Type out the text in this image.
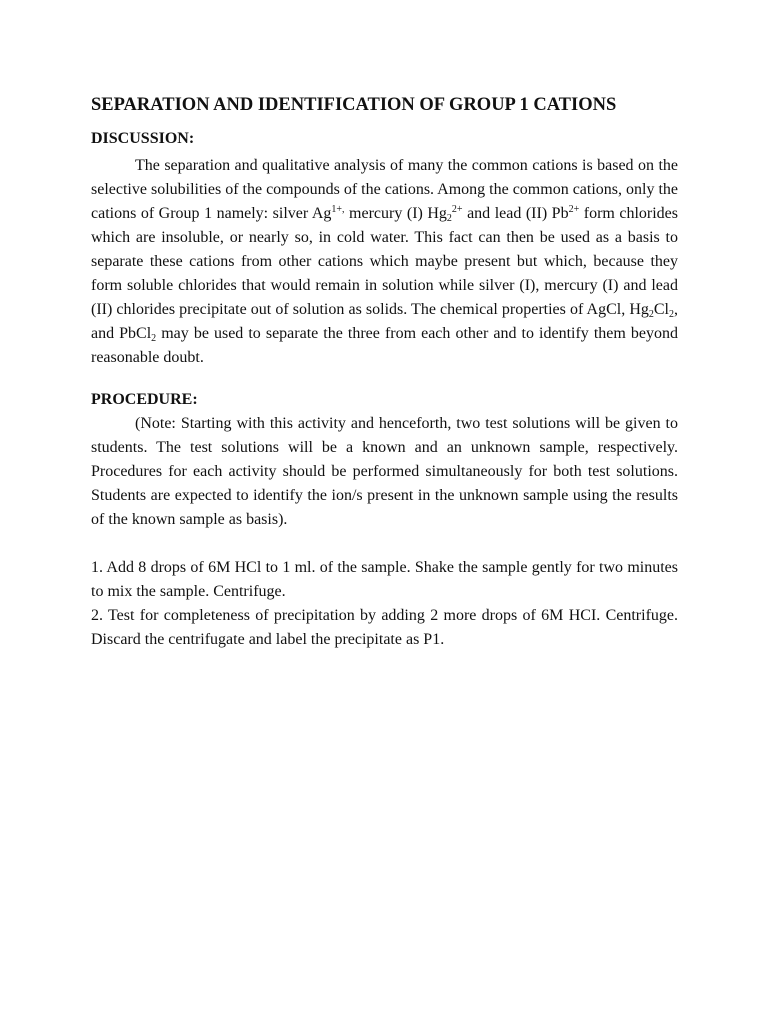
SEPARATION AND IDENTIFICATION OF GROUP 1 CATIONS
DISCUSSION:

The separation and qualitative analysis of many the common cations is based on the selective solubilities of the compounds of the cations. Among the common cations, only the cations of Group 1 namely: silver $Ag^{1+,}$ mercury (I) $Hg_2^{2+}$ and lead (II) $Pb^{2+}$ form chlorides which are insoluble, or nearly so, in cold water. This fact can then be used as a basis to separate these cations from other cations which maybe present but which, because they form soluble chlorides that would remain in solution while silver (I), mercury (I) and lead (II) chlorides precipitate out of solution as solids. The chemical properties of AgCl, $Hg_2Cl_2$, and PbCl$_2$ may be used to separate the three from each other and to identify them beyond reasonable doubt.

PROCEDURE:

(Note: Starting with this activity and henceforth, two test solutions will be given to students. The test solutions will be a known and an unknown sample, respectively. Procedures for each activity should be performed simultaneously for both test solutions. Students are expected to identify the ion/s present in the unknown sample using the results of the known sample as basis).

1. Add 8 drops of 6M HCl to 1 ml. of the sample. Shake the sample gently for two minutes to mix the sample. Centrifuge.

2. Test for completeness of precipitation by adding 2 more drops of 6M HCI. Centrifuge. Discard the centrifugate and label the precipitate as P1.
